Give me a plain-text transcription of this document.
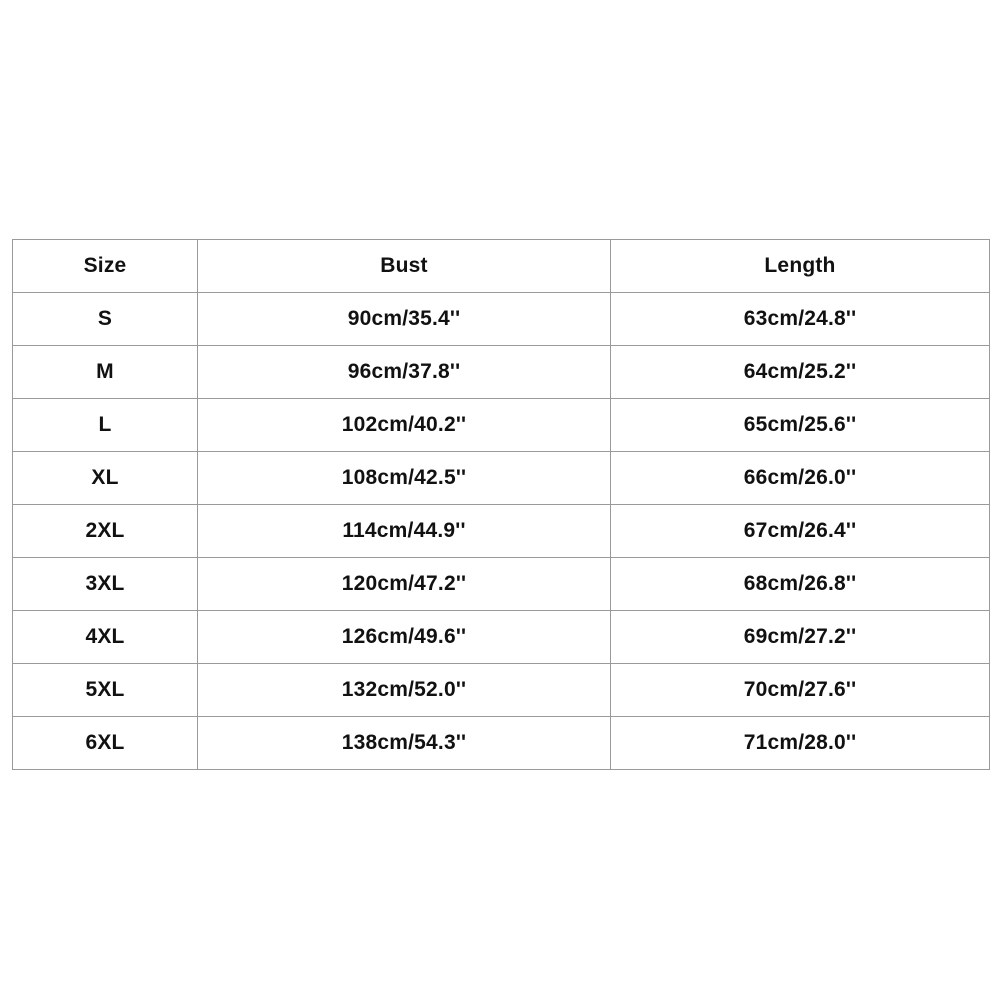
Size	Bust	Length
S	90cm/35.4''	63cm/24.8''
M	96cm/37.8''	64cm/25.2''
L	102cm/40.2''	65cm/25.6''
XL	108cm/42.5''	66cm/26.0''
2XL	114cm/44.9''	67cm/26.4''
3XL	120cm/47.2''	68cm/26.8''
4XL	126cm/49.6''	69cm/27.2''
5XL	132cm/52.0''	70cm/27.6''
6XL	138cm/54.3''	71cm/28.0''
